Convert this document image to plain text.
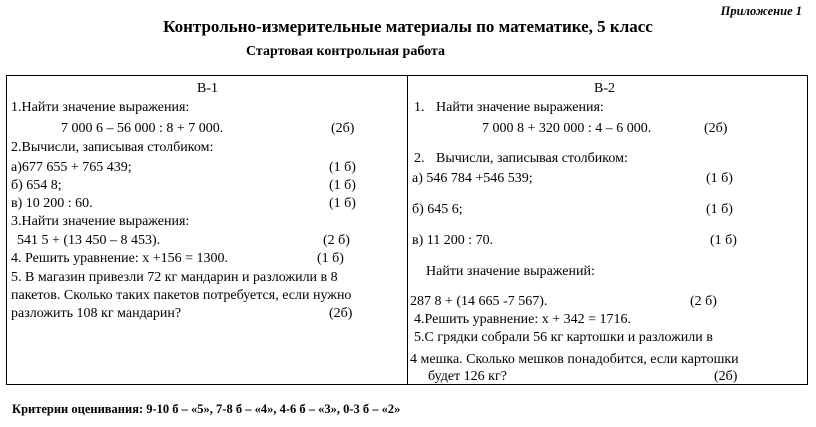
Приложение 1
Контрольно-измерительные материалы по математике, 5 класс
Стартовая контрольная работа
В-1
1.Найти значение выражения:
7 000 6 – 56 000 : 8 + 7 000.	(2б)
2.Вычисли, записывая столбиком:
а)677 655 + 765 439;	(1 б)
б) 654 8;	(1 б)
в) 10 200 : 60.	(1 б)
3.Найти значение выражения:
541 5 + (13 450 – 8 453).	(2 б)
4. Решить уравнение: х +156 = 1300.	(1 б)
5. В магазин привезли 72 кг мандарин и разложили в 8
пакетов. Сколько таких пакетов потребуется, если нужно
разложить 108 кг мандарин?	(2б)
В-2
1. Найти значение выражения:
7 000 8 + 320 000 : 4 – 6 000.	(2б)
2. Вычисли, записывая столбиком:
а) 546 784 +546 539;	(1 б)
б) 645 6;	(1 б)
в) 11 200 : 70.	(1 б)
Найти значение выражений:
287 8 + (14 665 -7 567).	(2 б)
4.Решить уравнение: х + 342 = 1716.
5.С грядки собрали 56 кг картошки и разложили в
4 мешка. Сколько мешков понадобится, если картошки
будет 126 кг?	(2б)
Критерии оценивания: 9-10 б – «5», 7-8 б – «4», 4-6 б – «3», 0-3 б – «2»
